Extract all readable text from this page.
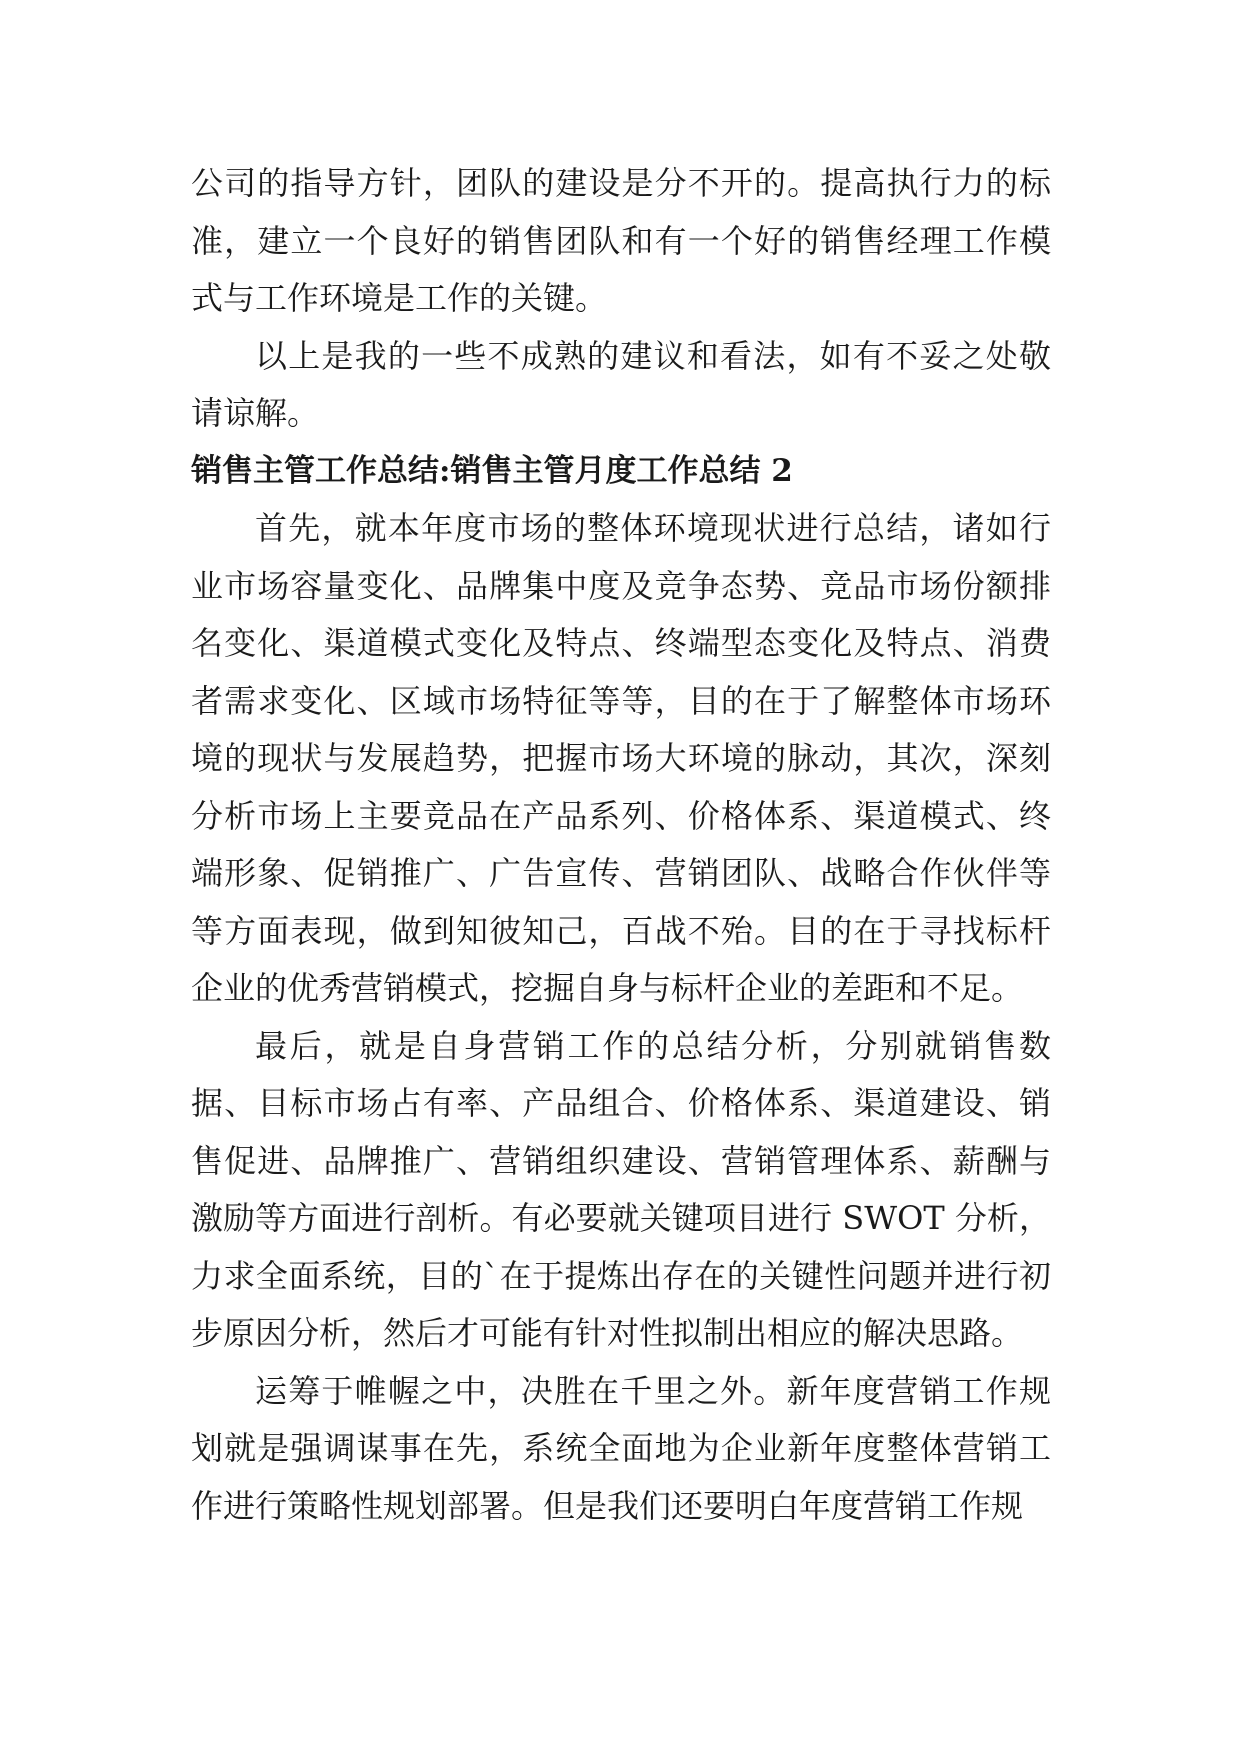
公司的指导方针，团队的建设是分不开的。提高执行力的标准，建立一个良好的销售团队和有一个好的销售经理工作模式与工作环境是工作的关键。

以上是我的一些不成熟的建议和看法，如有不妥之处敬请谅解。

销售主管工作总结:销售主管月度工作总结 2

首先，就本年度市场的整体环境现状进行总结，诸如行业市场容量变化、品牌集中度及竞争态势、竞品市场份额排名变化、渠道模式变化及特点、终端型态变化及特点、消费者需求变化、区域市场特征等等，目的在于了解整体市场环境的现状与发展趋势，把握市场大环境的脉动，其次，深刻分析市场上主要竞品在产品系列、价格体系、渠道模式、终端形象、促销推广、广告宣传、营销团队、战略合作伙伴等等方面表现，做到知彼知己，百战不殆。目的在于寻找标杆企业的优秀营销模式，挖掘自身与标杆企业的差距和不足。

最后，就是自身营销工作的总结分析，分别就销售数据、目标市场占有率、产品组合、价格体系、渠道建设、销售促进、品牌推广、营销组织建设、营销管理体系、薪酬与激励等方面进行剖析。有必要就关键项目进行 SWOT 分析，力求全面系统，目的`在于提炼出存在的关键性问题并进行初步原因分析，然后才可能有针对性拟制出相应的解决思路。

运筹于帷幄之中，决胜在千里之外。新年度营销工作规划就是强调谋事在先，系统全面地为企业新年度整体营销工作进行策略性规划部署。但是我们还要明白年度营销工作规
